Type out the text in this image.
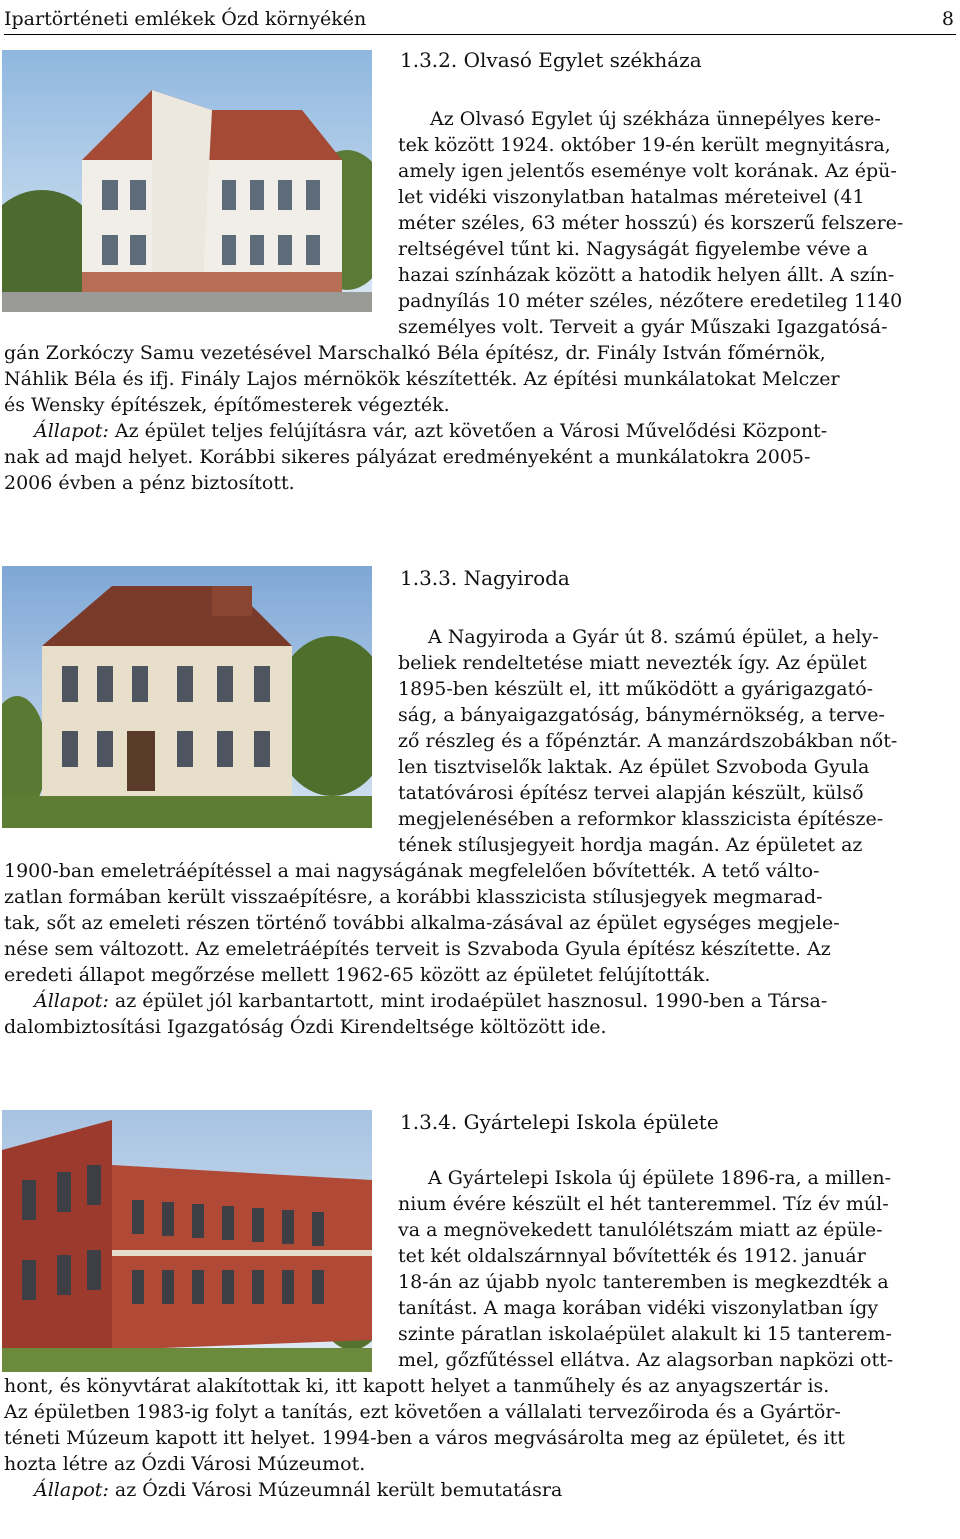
Ipartörténeti emlékek Ózd környékén	8
1.3.2. Olvasó Egylet székháza
Az Olvasó Egylet új székháza ünnepélyes kere-
tek között 1924. október 19-én került megnyitásra,
amely igen jelentős eseménye volt korának. Az épü-
let vidéki viszonylatban hatalmas méreteivel (41
méter széles, 63 méter hosszú) és korszerű felszere-
reltségével tűnt ki. Nagyságát figyelembe véve a
hazai színházak között a hatodik helyen állt. A szín-
padnyílás 10 méter széles, nézőtere eredetileg 1140
személyes volt. Terveit a gyár Műszaki Igazgatósá-
gán Zorkóczy Samu vezetésével Marschalkó Béla építész, dr. Finály István főmérnök,
Náhlik Béla és ifj. Finály Lajos mérnökök készítették. Az építési munkálatokat Melczer
és Wensky építészek, építőmesterek végezték.
Állapot: Az épület teljes felújításra vár, azt követően a Városi Művelődési Központ-
nak ad majd helyet. Korábbi sikeres pályázat eredményeként a munkálatokra 2005-
2006 évben a pénz biztosított.
1.3.3. Nagyiroda
A Nagyiroda a Gyár út 8. számú épület, a hely-
beliek rendeltetése miatt nevezték így. Az épület
1895-ben készült el, itt működött a gyárigazgató-
ság, a bányaigazgatóság, bánymérnökség, a terve-
ző részleg és a főpénztár. A manzárdszobákban nőt-
len tisztviselők laktak. Az épület Szvoboda Gyula
tatatóvárosi építész tervei alapján készült, külső
megjelenésében a reformkor klasszicista építésze-
tének stílusjegyeit hordja magán. Az épületet az
1900-ban emeletráépítéssel a mai nagyságának megfelelően bővítették. A tető válto-
zatlan formában került visszaépítésre, a korábbi klasszicista stílusjegyek megmarad-
tak, sőt az emeleti részen történő további alkalma-zásával az épület egységes megjele-
nése sem változott. Az emeletráépítés terveit is Szvaboda Gyula építész készítette. Az
eredeti állapot megőrzése mellett 1962-65 között az épületet felújították.
Állapot: az épület jól karbantartott, mint irodaépület hasznosul. 1990-ben a Társa-
dalombiztosítási Igazgatóság Ózdi Kirendeltsége költözött ide.
1.3.4. Gyártelepi Iskola épülete
A Gyártelepi Iskola új épülete 1896-ra, a millen-
nium évére készült el hét tanteremmel. Tíz év múl-
va a megnövekedett tanulólétszám miatt az épüle-
tet két oldalszárnnyal bővítették és 1912. január
18-án az újabb nyolc tanteremben is megkezdték a
tanítást. A maga korában vidéki viszonylatban így
szinte páratlan iskolaépület alakult ki 15 tanterem-
mel, gőzfűtéssel ellátva. Az alagsorban napközi ott-
hont, és könyvtárat alakítottak ki, itt kapott helyet a tanműhely és az anyagszertár is.
Az épületben 1983-ig folyt a tanítás, ezt követően a vállalati tervezőiroda és a Gyártör-
téneti Múzeum kapott itt helyet. 1994-ben a város megvásárolta meg az épületet, és itt
hozta létre az Ózdi Városi Múzeumot.
Állapot: az Ózdi Városi Múzeumnál került bemutatásra
